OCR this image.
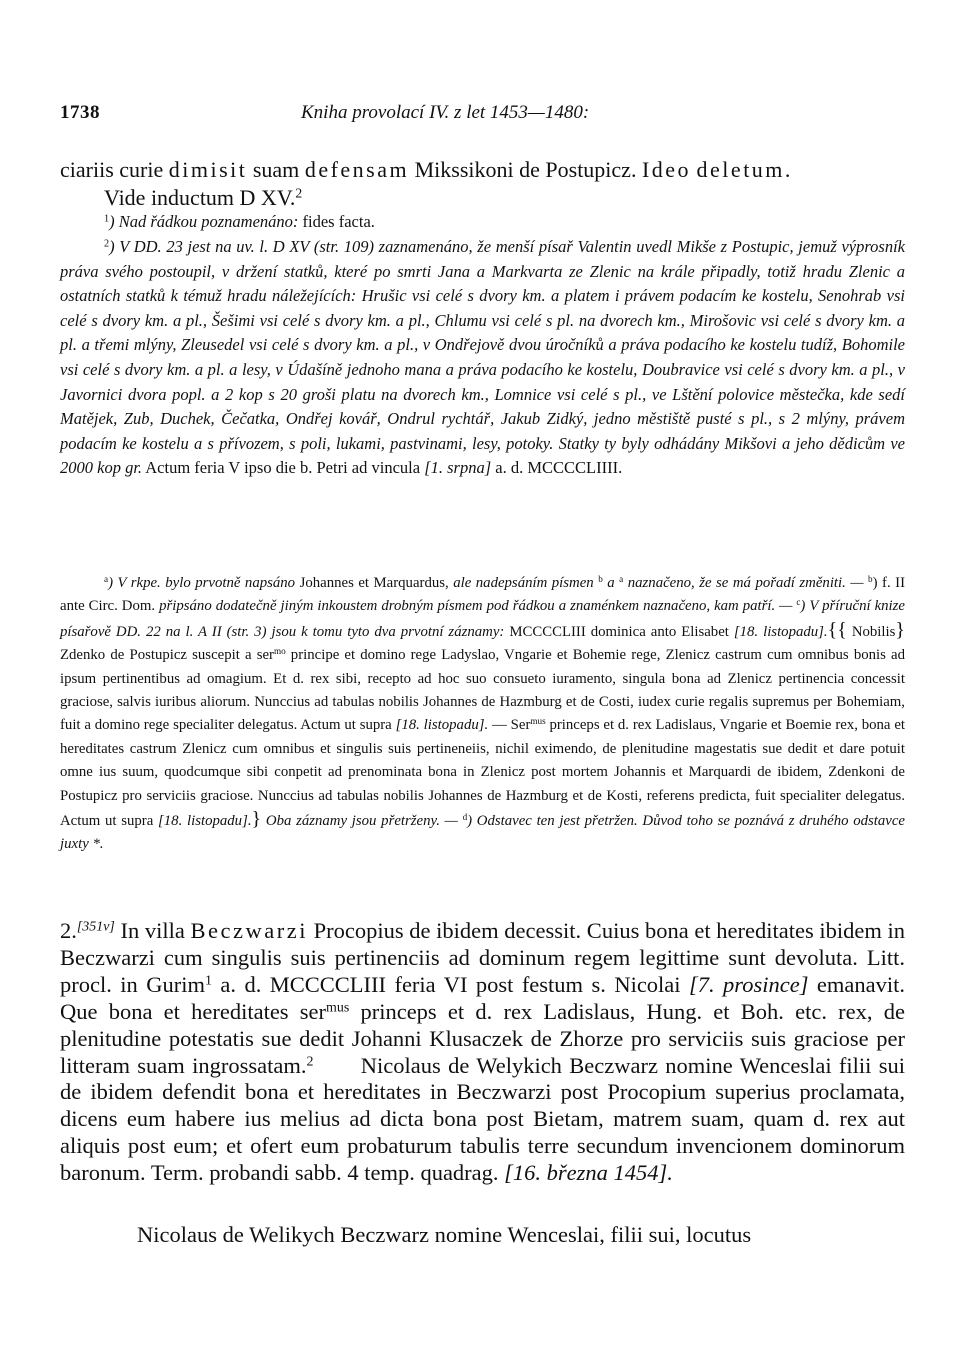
1738	Kniha provolací IV. z let 1453—1480:
ciariis curie dimisit suam defensam Mikssikoni de Postupicz. Ideo deletum.
Vide inductum D XV.$^2$
$^1$) Nad řádkou poznamenáno: fides facta.
$^2$) V DD. 23 jest na uv. l. D XV (str. 109) zaznamenáno, že menší písař Valentin uvedl Mikše z Postupic, jemuž výprosník práva svého postoupil, v držení statků, které po smrti Jana a Markvarta ze Zlenic na krále připadly, totiž hradu Zlenic a ostatních statků k témuž hradu náležejících: Hrušic vsi celé s dvory km. a platem i právem podacím ke kostelu, Senohrab vsi celé s dvory km. a pl., Šešimi vsi celé s dvory km. a pl., Chlumu vsi celé s pl. na dvorech km., Mirošovic vsi celé s dvory km. a pl. a třemi mlýny, Zleusedel vsi celé s dvory km. a pl., v Ondřejově dvou úročníků a práva podacího ke kostelu tudíž, Bohomile vsi celé s dvory km. a pl. a lesy, v Údašíně jednoho mana a práva podacího ke kostelu, Doubravice vsi celé s dvory km. a pl., v Javornici dvora popl. a 2 kop s 20 groši platu na dvorech km., Lomnice vsi celé s pl., ve Lštění polovice městečka, kde sedí Matějek, Zub, Duchek, Čečatka, Ondřej kovář, Ondrul rychtář, Jakub Zidký, jedno městiště pusté s pl., s 2 mlýny, právem podacím ke kostelu a s přívozem, s poli, lukami, pastvinami, lesy, potoky. Statky ty byly odhádány Mikšovi a jeho dědicům ve 2000 kop gr. Actum feria V ipso die b. Petri ad vincula [1. srpna] a. d. MCCCCLIIII.
$^a$) V rkpe. bylo prvotně napsáno Johannes et Marquardus, ale nadepsáním písmen $^b$ a $^a$ naznačeno, že se má pořadí změniti. — $^b$) f. II ante Circ. Dom. připsáno dodatečně jiným inkoustem drobným písmem pod řádkou a znaménkem naznačeno, kam patří. — $^c$) V příruční knize písařově DD. 22 na l. A II (str. 3) jsou k tomu tyto dva prvotní záznamy: MCCCCLIII dominica anto Elisabet [18. listopadu].{{ Nobilis} Zdenko de Postupicz suscepit a ser$^{mo}$ principe et domino rege Ladyslao, Vngarie et Bohemie rege, Zlenicz castrum cum omnibus bonis ad ipsum pertinentibus ad omagium. Et d. rex sibi, recepto ad hoc suo consueto iuramento, singula bona ad Zlenicz pertinencia concessit graciose, salvis iuribus aliorum. Nunccius ad tabulas nobilis Johannes de Hazmburg et de Costi, iudex curie regalis supremus per Bohemiam, fuit a domino rege specialiter delegatus. Actum ut supra [18. listopadu]. — Ser$^{mus}$ princeps et d. rex Ladislaus, Vngarie et Boemie rex, bona et hereditates castrum Zlenicz cum omnibus et singulis suis pertineneiis, nichil eximendo, de plenitudine magestatis sue dedit et dare potuit omne ius suum, quodcumque sibi conpetit ad prenominata bona in Zlenicz post mortem Johannis et Marquardi de ibidem, Zdenkoni de Postupicz pro serviciis graciose. Nunccius ad tabulas nobilis Johannes de Hazmburg et de Kosti, referens predicta, fuit specialiter delegatus. Actum ut supra [18. listopadu].} Oba záznamy jsou přetrženy. — $^d$) Odstavec ten jest přetržen. Důvod toho se poznává z druhého odstavce juxty *.
2.[351v] In villa Beczwarzi Procopius de ibidem decessit. Cuius bona et hereditates ibidem in Beczwarzi cum singulis suis pertinenciis ad dominum regem legittime sunt devoluta. Litt. procl. in Gurim$^1$ a. d. MCCCCLIII feria VI post festum s. Nicolai [7. prosince] emanavit. Que bona et hereditates ser$^{mus}$ princeps et d. rex Ladislaus, Hung. et Boh. etc. rex, de plenitudine potestatis sue dedit Johanni Klusaczek de Zhorze pro serviciis suis graciose per litteram suam ingrossatam.$^2$ Nicolaus de Welykich Beczwarz nomine Wenceslai filii sui de ibidem defendit bona et hereditates in Beczwarzi post Procopium superius proclamata, dicens eum habere ius melius ad dicta bona post Bietam, matrem suam, quam d. rex aut aliquis post eum; et ofert eum probaturum tabulis terre secundum invencionem dominorum baronum. Term. probandi sabb. 4 temp. quadrag. [16. března 1454].
Nicolaus de Welikych Beczwarz nomine Wenceslai, filii sui, locutus
